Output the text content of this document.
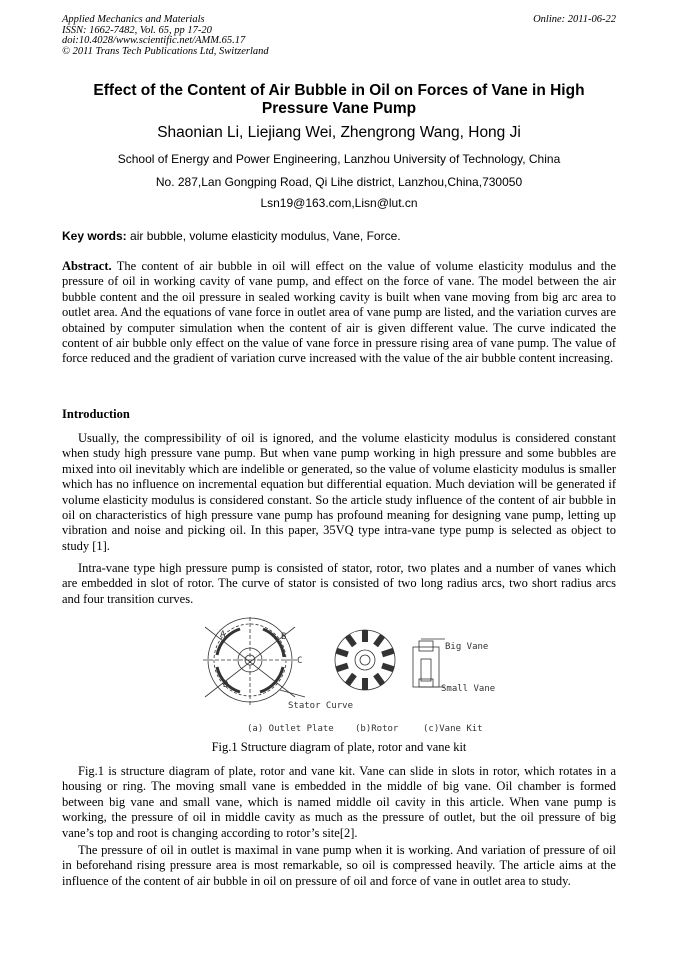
Applied Mechanics and Materials
ISSN: 1662-7482, Vol. 65, pp 17-20
doi:10.4028/www.scientific.net/AMM.65.17
© 2011 Trans Tech Publications Ltd, Switzerland
Online: 2011-06-22
Effect of the Content of Air Bubble in Oil on Forces of Vane in High Pressure Vane Pump
Shaonian Li, Liejiang Wei, Zhengrong Wang, Hong Ji
School of Energy and Power Engineering, Lanzhou University of Technology, China
No. 287,Lan Gongping Road, Qi Lihe district, Lanzhou,China,730050
Lsn19@163.com,Lisn@lut.cn
Key words: air bubble, volume elasticity modulus, Vane, Force.
Abstract. The content of air bubble in oil will effect on the value of volume elasticity modulus and the pressure of oil in working cavity of vane pump, and effect on the force of vane. The model between the air bubble content and the oil pressure in sealed working cavity is built when vane moving from big arc area to outlet area. And the equations of vane force in outlet area of vane pump are listed, and the variation curves are obtained by computer simulation when the content of air is given different value. The curve indicated the content of air bubble only effect on the value of vane force in pressure rising area of vane pump. The value of force reduced and the gradient of variation curve increased with the value of the air bubble content increasing.
Introduction
Usually, the compressibility of oil is ignored, and the volume elasticity modulus is considered constant when study high pressure vane pump. But when vane pump working in high pressure and some bubbles are mixed into oil inevitably which are indelible or generated, so the value of volume elasticity modulus is smaller which has no influence on incremental equation but differential equation. Much deviation will be generated if volume elasticity modulus is considered constant. So the article study influence of the content of air bubble in oil on characteristics of high pressure vane pump has profound meaning for designing vane pump, letting up vibration and noise and picking oil. In this paper, 35VQ type intra-vane type pump is selected as object to study [1].
Intra-vane type high pressure pump is consisted of stator, rotor, two plates and a number of vanes which are embedded in slot of rotor. The curve of stator is consisted of two long radius arcs, two short radius arcs and four transition curves.
A	B
C
D
Stator Curve
Big Vane
Small Vane
(a) Outlet Plate (b)Rotor	(c)Vane Kit
Fig.1 Structure diagram of plate, rotor and vane kit
Fig.1 is structure diagram of plate, rotor and vane kit. Vane can slide in slots in rotor, which rotates in a housing or ring. The moving small vane is embedded in the middle of big vane. Oil chamber is formed between big vane and small vane, which is named middle oil cavity in this article. When vane pump is working, the pressure of oil in middle cavity as much as the pressure of outlet, but the oil pressure of big vane’s top and root is changing according to rotor’s site[2].
The pressure of oil in outlet is maximal in vane pump when it is working. And variation of pressure of oil in beforehand rising pressure area is most remarkable, so oil is compressed heavily. The article aims at the influence of the content of air bubble in oil on pressure of oil and force of vane in outlet area to study.
